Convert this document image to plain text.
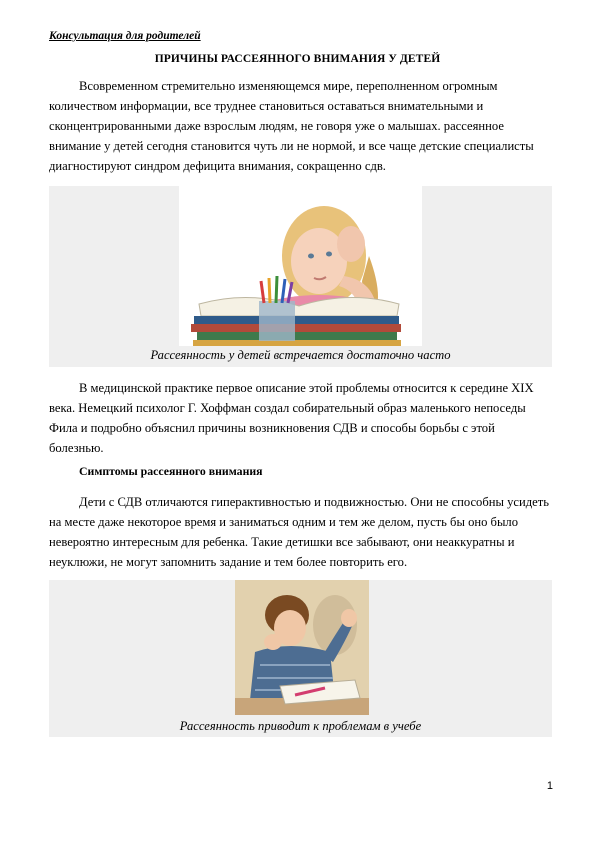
Консультация для родителей
ПРИЧИНЫ РАССЕЯННОГО ВНИМАНИЯ У ДЕТЕЙ
Всовременном стремительно изменяющемся мире, переполненном огромным количеством информации, все труднее становиться оставаться внимательными и сконцентрированными даже взрослым людям, не говоря уже о малышах. рассеянное внимание у детей сегодня становится чуть ли не нормой, и все чаще детские специалисты диагностируют синдром дефицита внимания, сокращенно сдв.
Рассеянность у детей встречается достаточно часто
В медицинской практике первое описание этой проблемы относится к середине XIX века. Немецкий психолог Г. Хоффман создал собирательный образ маленького непоседы Фила и подробно объяснил причины возникновения СДВ и способы борьбы с этой болезнью.
Симптомы рассеянного внимания
Дети с СДВ отличаются гиперактивностью и подвижностью. Они не способны усидеть на месте даже некоторое время и заниматься одним и тем же делом, пусть бы оно было невероятно интересным для ребенка. Такие детишки все забывают, они неаккуратны и неуклюжи, не могут запомнить задание и тем более повторить его.
Рассеянность приводит к проблемам в учебе
1
